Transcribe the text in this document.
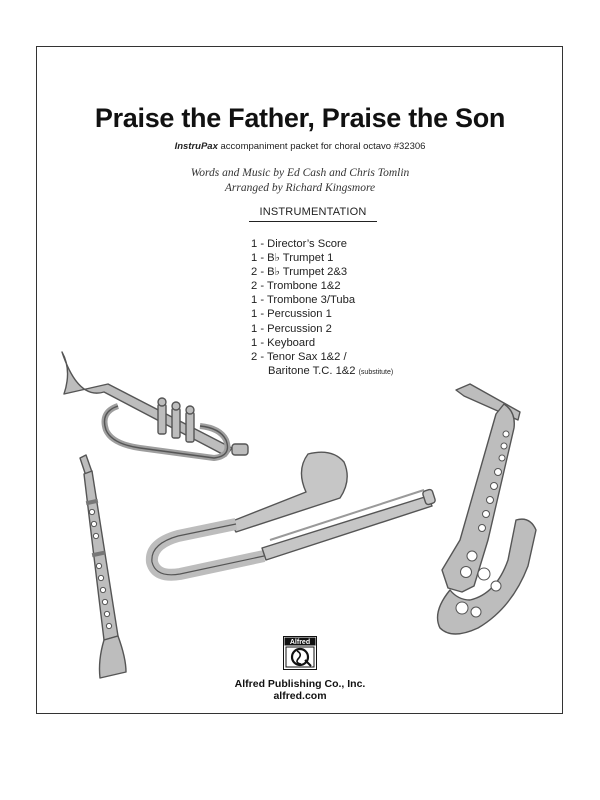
Praise the Father, Praise the Son
InstruPax accompaniment packet for choral octavo #32306
Words and Music by Ed Cash and Chris Tomlin
Arranged by Richard Kingsmore
INSTRUMENTATION
1 - Director’s Score
1 - B♭ Trumpet 1
2 - B♭ Trumpet 2&3
2 - Trombone 1&2
1 - Trombone 3/Tuba
1 - Percussion 1
1 - Percussion 2
1 - Keyboard
2 - Tenor Sax 1&2 /
Baritone T.C. 1&2 (substitute)
Alfred
Alfred Publishing Co., Inc.
alfred.com
